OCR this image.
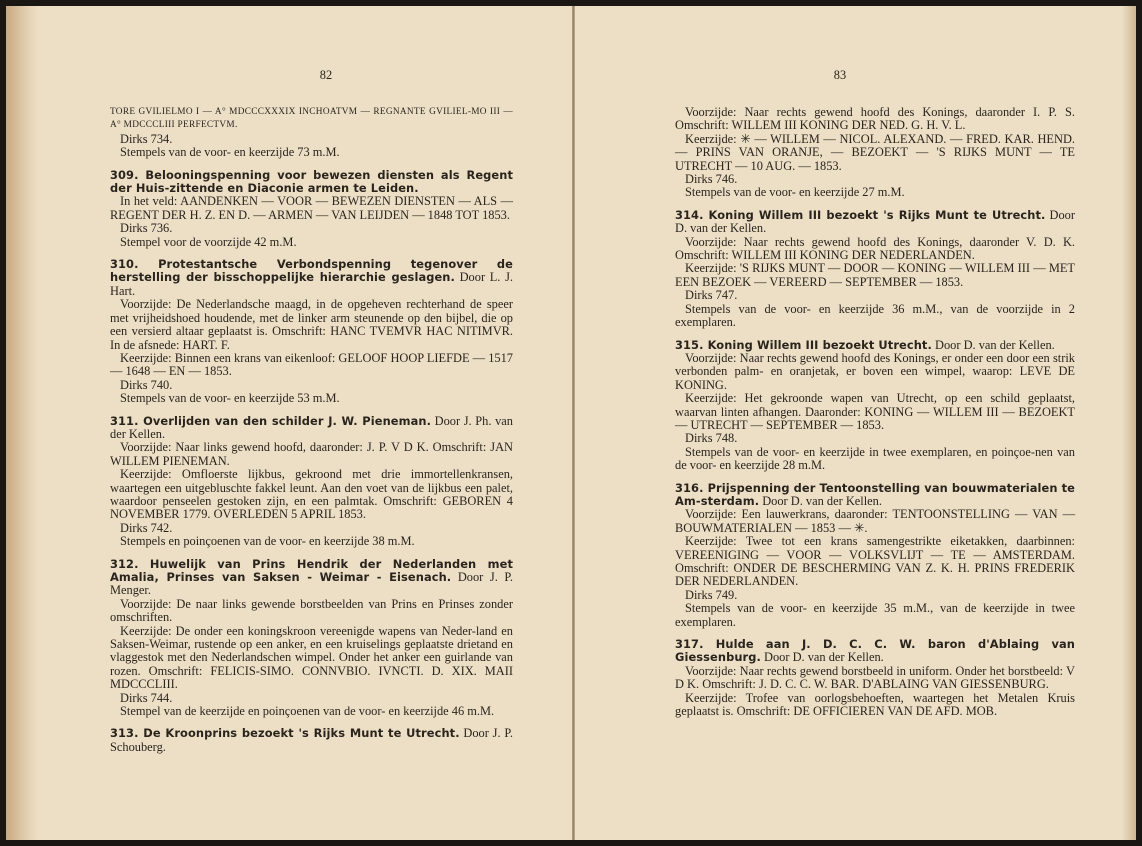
82

TORE GVILIELMO I — A° MDCCCXXXIX INCHOATVM — REGNANTE GVILIEL-MO III — A° MDCCCLIII PERFECTVM.

Dirks 734.

Stempels van de voor- en keerzijde 73 m.M.

309. Belooningspenning voor bewezen diensten als Regent der Huis-zittende en Diaconie armen te Leiden.

In het veld: AANDENKEN — VOOR — BEWEZEN DIENSTEN — ALS — REGENT DER H. Z. EN D. — ARMEN — VAN LEIJDEN — 1848 TOT 1853.

Dirks 736.

Stempel voor de voorzijde 42 m.M.

310. Protestantsche Verbondspenning tegenover de herstelling der bisschoppelijke hierarchie geslagen. Door L. J. Hart.

Voorzijde: De Nederlandsche maagd, in de opgeheven rechterhand de speer met vrijheidshoed houdende, met de linker arm steunende op den bijbel, die op een versierd altaar geplaatst is. Omschrift: HANC TVEMVR HAC NITIMVR. In de afsnede: HART. F.

Keerzijde: Binnen een krans van eikenloof: GELOOF HOOP LIEFDE — 1517 — 1648 — EN — 1853.

Dirks 740.

Stempels van de voor- en keerzijde 53 m.M.

311. Overlijden van den schilder J. W. Pieneman. Door J. Ph. van der Kellen.

Voorzijde: Naar links gewend hoofd, daaronder: J. P. V D K. Omschrift: JAN WILLEM PIENEMAN.

Keerzijde: Omfloerste lijkbus, gekroond met drie immortellenkransen, waartegen een uitgebluschte fakkel leunt. Aan den voet van de lijkbus een palet, waardoor penseelen gestoken zijn, en een palmtak. Omschrift: GEBOREN 4 NOVEMBER 1779. OVERLEDEN 5 APRIL 1853.

Dirks 742.

Stempels en poinçoenen van de voor- en keerzijde 38 m.M.

312. Huwelijk van Prins Hendrik der Nederlanden met Amalia, Prinses van Saksen - Weimar - Eisenach. Door J. P. Menger.

Voorzijde: De naar links gewende borstbeelden van Prins en Prinses zonder omschriften.

Keerzijde: De onder een koningskroon vereenigde wapens van Neder-land en Saksen-Weimar, rustende op een anker, en een kruiselings geplaatste drietand en vlaggestok met den Nederlandschen wimpel. Onder het anker een guirlande van rozen. Omschrift: FELICIS-SIMO. CONNVBIO. IVNCTI. D. XIX. MAII MDCCCLIII.

Dirks 744.

Stempel van de keerzijde en poinçoenen van de voor- en keerzijde 46 m.M.

313. De Kroonprins bezoekt 's Rijks Munt te Utrecht. Door J. P. Schouberg.

83

Voorzijde: Naar rechts gewend hoofd des Konings, daaronder I. P. S. Omschrift: WILLEM III KONING DER NED. G. H. V. L.

Keerzijde: ✳ — WILLEM — NICOL. ALEXAND. — FRED. KAR. HEND. — PRINS VAN ORANJE, — BEZOEKT — 'S RIJKS MUNT — TE UTRECHT — 10 AUG. — 1853.

Dirks 746.

Stempels van de voor- en keerzijde 27 m.M.

314. Koning Willem III bezoekt 's Rijks Munt te Utrecht. Door D. van der Kellen.

Voorzijde: Naar rechts gewend hoofd des Konings, daaronder V. D. K. Omschrift: WILLEM III KONING DER NEDERLANDEN.

Keerzijde: 'S RIJKS MUNT — DOOR — KONING — WILLEM III — MET EEN BEZOEK — VEREERD — SEPTEMBER — 1853.

Dirks 747.

Stempels van de voor- en keerzijde 36 m.M., van de voorzijde in 2 exemplaren.

315. Koning Willem III bezoekt Utrecht. Door D. van der Kellen.

Voorzijde: Naar rechts gewend hoofd des Konings, er onder een door een strik verbonden palm- en oranjetak, er boven een wimpel, waarop: LEVE DE KONING.

Keerzijde: Het gekroonde wapen van Utrecht, op een schild geplaatst, waarvan linten afhangen. Daaronder: KONING — WILLEM III — BEZOEKT — UTRECHT — SEPTEMBER — 1853.

Dirks 748.

Stempels van de voor- en keerzijde in twee exemplaren, en poinçoe-nen van de voor- en keerzijde 28 m.M.

316. Prijspenning der Tentoonstelling van bouwmaterialen te Am-sterdam. Door D. van der Kellen.

Voorzijde: Een lauwerkrans, daaronder: TENTOONSTELLING — VAN — BOUWMATERIALEN — 1853 — ✳.

Keerzijde: Twee tot een krans samengestrikte eiketakken, daarbinnen: VEREENIGING — VOOR — VOLKSVLIJT — TE — AMSTERDAM. Omschrift: ONDER DE BESCHERMING VAN Z. K. H. PRINS FREDERIK DER NEDERLANDEN.

Dirks 749.

Stempels van de voor- en keerzijde 35 m.M., van de keerzijde in twee exemplaren.

317. Hulde aan J. D. C. C. W. baron d'Ablaing van Giessenburg. Door D. van der Kellen.

Voorzijde: Naar rechts gewend borstbeeld in uniform. Onder het borstbeeld: V D K. Omschrift: J. D. C. C. W. BAR. D'ABLAING VAN GIESSENBURG.

Keerzijde: Trofee van oorlogsbehoeften, waartegen het Metalen Kruis geplaatst is. Omschrift: DE OFFICIEREN VAN DE AFD. MOB.
